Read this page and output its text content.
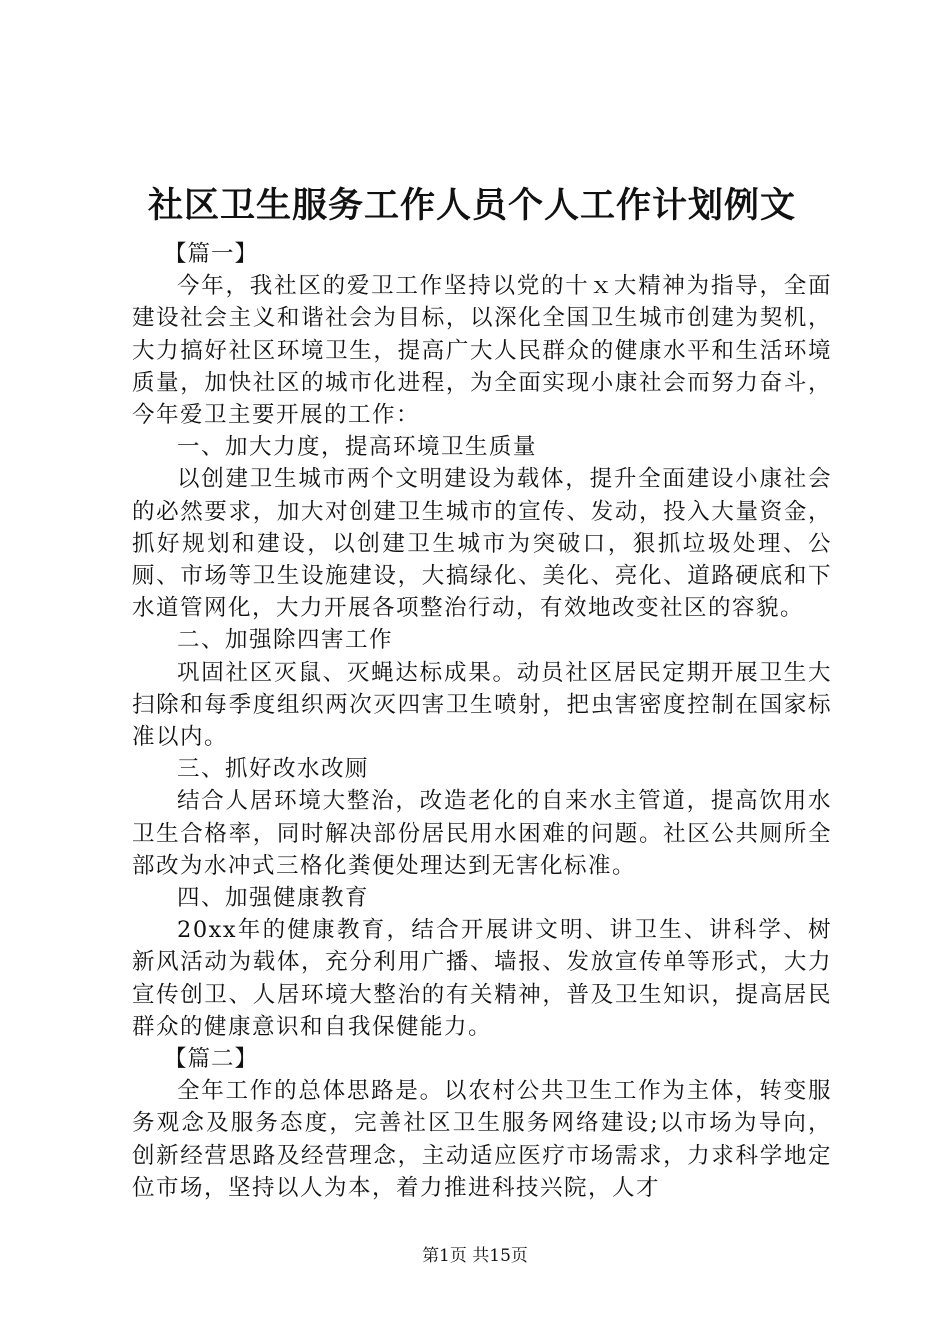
社区卫生服务工作人员个人工作计划例文

【篇一】

今年，我社区的爱卫工作坚持以党的十ｘ大精神为指导，全面建设社会主义和谐社会为目标，以深化全国卫生城市创建为契机，大力搞好社区环境卫生，提高广大人民群众的健康水平和生活环境质量，加快社区的城市化进程，为全面实现小康社会而努力奋斗，今年爱卫主要开展的工作：

一、加大力度，提高环境卫生质量

以创建卫生城市两个文明建设为载体，提升全面建设小康社会的必然要求，加大对创建卫生城市的宣传、发动，投入大量资金，抓好规划和建设，以创建卫生城市为突破口，狠抓垃圾处理、公厕、市场等卫生设施建设，大搞绿化、美化、亮化、道路硬底和下水道管网化，大力开展各项整治行动，有效地改变社区的容貌。

二、加强除四害工作

巩固社区灭鼠、灭蝇达标成果。动员社区居民定期开展卫生大扫除和每季度组织两次灭四害卫生喷射，把虫害密度控制在国家标准以内。

三、抓好改水改厕

结合人居环境大整治，改造老化的自来水主管道，提高饮用水卫生合格率，同时解决部份居民用水困难的问题。社区公共厕所全部改为水冲式三格化粪便处理达到无害化标准。

四、加强健康教育

20xx年的健康教育，结合开展讲文明、讲卫生、讲科学、树新风活动为载体，充分利用广播、墙报、发放宣传单等形式，大力宣传创卫、人居环境大整治的有关精神，普及卫生知识，提高居民群众的健康意识和自我保健能力。

【篇二】

全年工作的总体思路是。以农村公共卫生工作为主体，转变服务观念及服务态度，完善社区卫生服务网络建设;以市场为导向，创新经营思路及经营理念，主动适应医疗市场需求，力求科学地定位市场，坚持以人为本，着力推进科技兴院，人才

第1页 共15页
